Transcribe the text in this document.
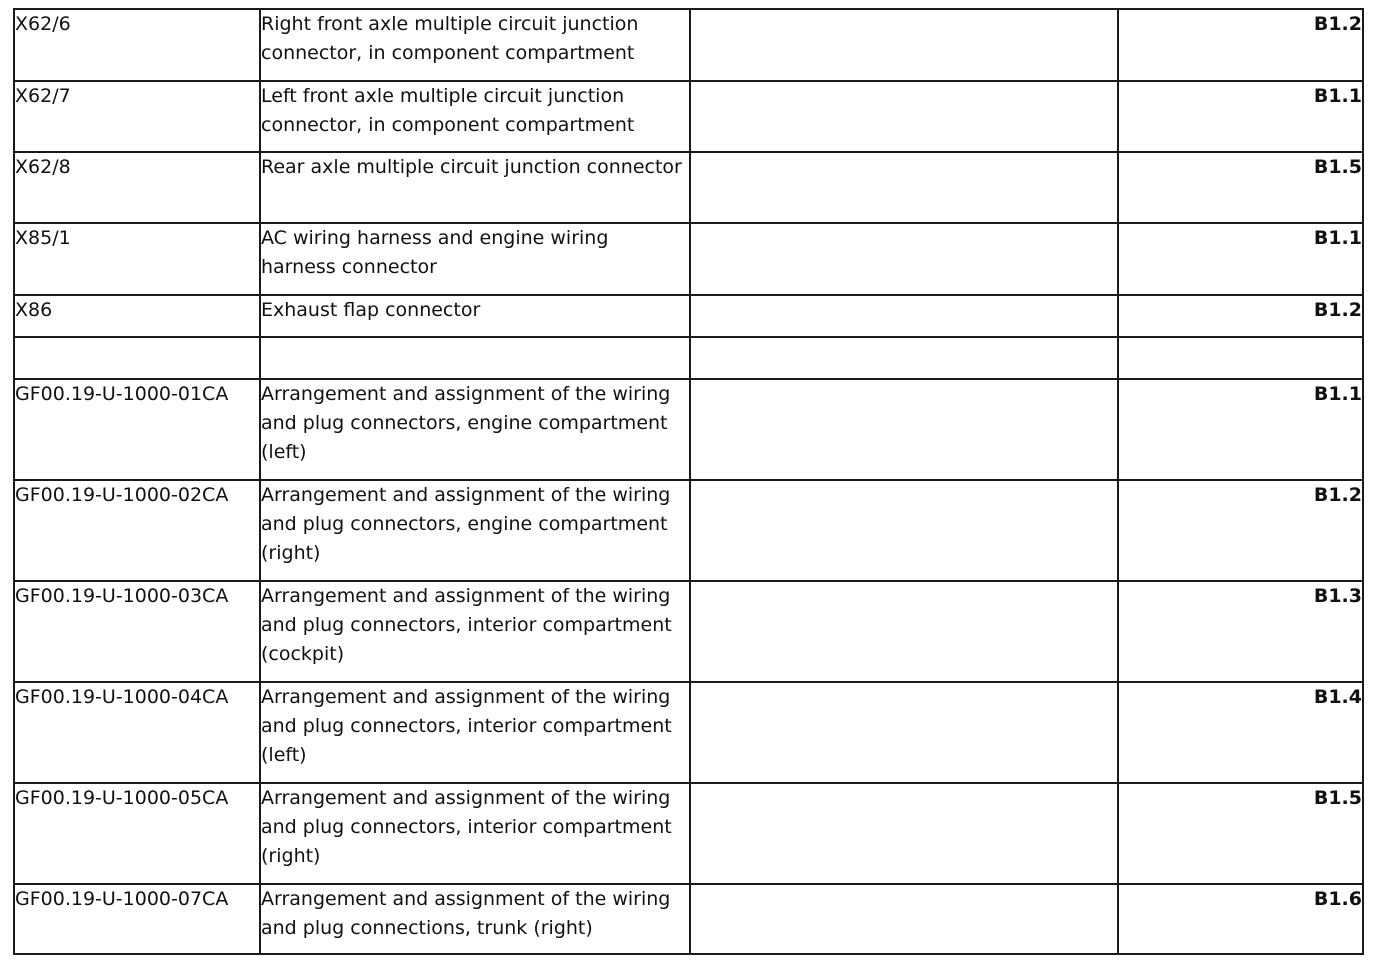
X62/6	Right front axle multiple circuit junction connector, in component compartment		B1.2
X62/7	Left front axle multiple circuit junction connector, in component compartment		B1.1
X62/8	Rear axle multiple circuit junction connector		B1.5
X85/1	AC wiring harness and engine wiring harness connector		B1.1
X86	Exhaust flap connector		B1.2

GF00.19-U-1000-01CA	Arrangement and assignment of the wiring and plug connectors, engine compartment (left)		B1.1
GF00.19-U-1000-02CA	Arrangement and assignment of the wiring and plug connectors, engine compartment (right)		B1.2
GF00.19-U-1000-03CA	Arrangement and assignment of the wiring and plug connectors, interior compartment (cockpit)		B1.3
GF00.19-U-1000-04CA	Arrangement and assignment of the wiring and plug connectors, interior compartment (left)		B1.4
GF00.19-U-1000-05CA	Arrangement and assignment of the wiring and plug connectors, interior compartment (right)		B1.5
GF00.19-U-1000-07CA	Arrangement and assignment of the wiring and plug connections, trunk (right)		B1.6
